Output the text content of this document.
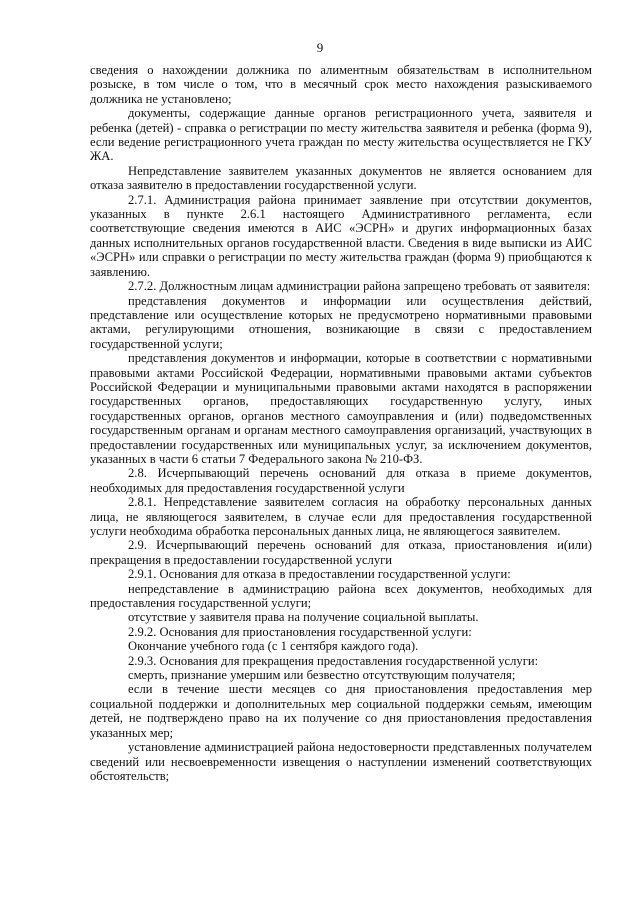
9

сведения о нахождении должника по алиментным обязательствам в исполнительном розыске, в том числе о том, что в месячный срок место нахождения разыскиваемого должника не установлено;

документы, содержащие данные органов регистрационного учета, заявителя и ребенка (детей) - справка о регистрации по месту жительства заявителя и ребенка (форма 9), если ведение регистрационного учета граждан по месту жительства осуществляется не ГКУ ЖА.

Непредставление заявителем указанных документов не является основанием для отказа заявителю в предоставлении государственной услуги.

2.7.1. Администрация района принимает заявление при отсутствии документов, указанных в пункте 2.6.1 настоящего Административного регламента, если соответствующие сведения имеются в АИС «ЭСРН» и других информационных базах данных исполнительных органов государственной власти. Сведения в виде выписки из АИС «ЭСРН» или справки о регистрации по месту жительства граждан (форма 9) приобщаются к заявлению.

2.7.2. Должностным лицам администрации района запрещено требовать от заявителя:

представления документов и информации или осуществления действий, представление или осуществление которых не предусмотрено нормативными правовыми актами, регулирующими отношения, возникающие в связи с предоставлением государственной услуги;

представления документов и информации, которые в соответствии с нормативными правовыми актами Российской Федерации, нормативными правовыми актами субъектов Российской Федерации и муниципальными правовыми актами находятся в распоряжении государственных органов, предоставляющих государственную услугу, иных государственных органов, органов местного самоуправления и (или) подведомственных государственным органам и органам местного самоуправления организаций, участвующих в предоставлении государственных или муниципальных услуг, за исключением документов, указанных в части 6 статьи 7 Федерального закона № 210-ФЗ.

2.8. Исчерпывающий перечень оснований для отказа в приеме документов, необходимых для предоставления государственной услуги

2.8.1. Непредставление заявителем согласия на обработку персональных данных лица, не являющегося заявителем, в случае если для предоставления государственной услуги необходима обработка персональных данных лица, не являющегося заявителем.

2.9. Исчерпывающий перечень оснований для отказа, приостановления и(или) прекращения в предоставлении государственной услуги

2.9.1. Основания для отказа в предоставлении государственной услуги:

непредставление в администрацию района всех документов, необходимых для предоставления государственной услуги;

отсутствие у заявителя права на получение социальной выплаты.

2.9.2. Основания для приостановления государственной услуги:

Окончание учебного года (с 1 сентября каждого года).

2.9.3. Основания для прекращения предоставления государственной услуги:

смерть, признание умершим или безвестно отсутствующим получателя;

если в течение шести месяцев со дня приостановления предоставления мер социальной поддержки и дополнительных мер социальной поддержки семьям, имеющим детей, не подтверждено право на их получение со дня приостановления предоставления указанных мер;

установление администрацией района недостоверности представленных получателем сведений или несвоевременности извещения о наступлении изменений соответствующих обстоятельств;
